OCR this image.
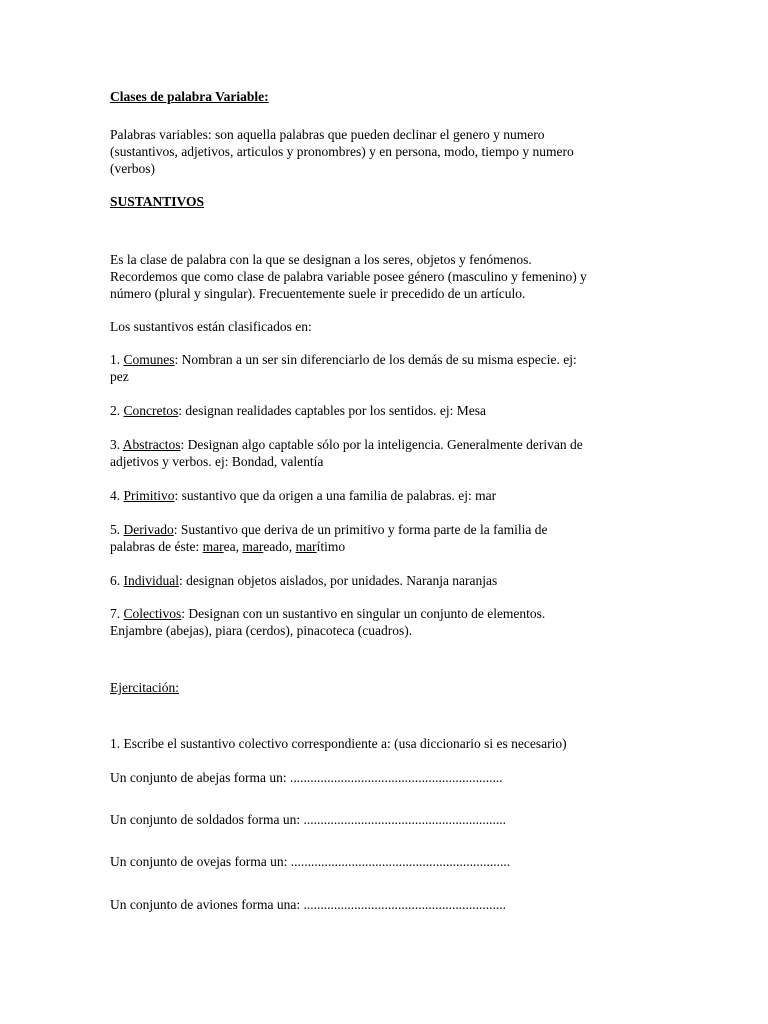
Clases de palabra Variable:

Palabras variables: son aquella palabras que pueden declinar el genero y numero
(sustantivos, adjetivos, articulos y pronombres) y en persona, modo, tiempo y numero
(verbos)

SUSTANTIVOS

Es la clase de palabra con la que se designan a los seres, objetos y fenómenos.
Recordemos que como clase de palabra variable posee género (masculino y femenino) y
número (plural y singular). Frecuentemente suele ir precedido de un artículo.

Los sustantivos están clasificados en:

1. Comunes: Nombran a un ser sin diferenciarlo de los demás de su misma especie. ej:
pez
2. Concretos: designan realidades captables por los sentidos. ej: Mesa
3. Abstractos: Designan algo captable sólo por la inteligencia. Generalmente derivan de
adjetivos y verbos. ej: Bondad, valentía
4. Primitivo: sustantivo que da origen a una familia de palabras. ej: mar
5. Derivado: Sustantivo que deriva de un primitivo y forma parte de la familia de
palabras de éste: marea, mareado, marítimo
6. Individual: designan objetos aislados, por unidades. Naranja naranjas
7. Colectivos: Designan con un sustantivo en singular un conjunto de elementos.
Enjambre (abejas), piara (cerdos), pinacoteca (cuadros).

Ejercitación:

1. Escribe el sustantivo colectivo correspondiente a: (usa diccionario si es necesario)

Un conjunto de abejas forma un: ...............................................................

Un conjunto de soldados forma un: ............................................................

Un conjunto de ovejas forma un: .................................................................

Un conjunto de aviones forma una: ............................................................
